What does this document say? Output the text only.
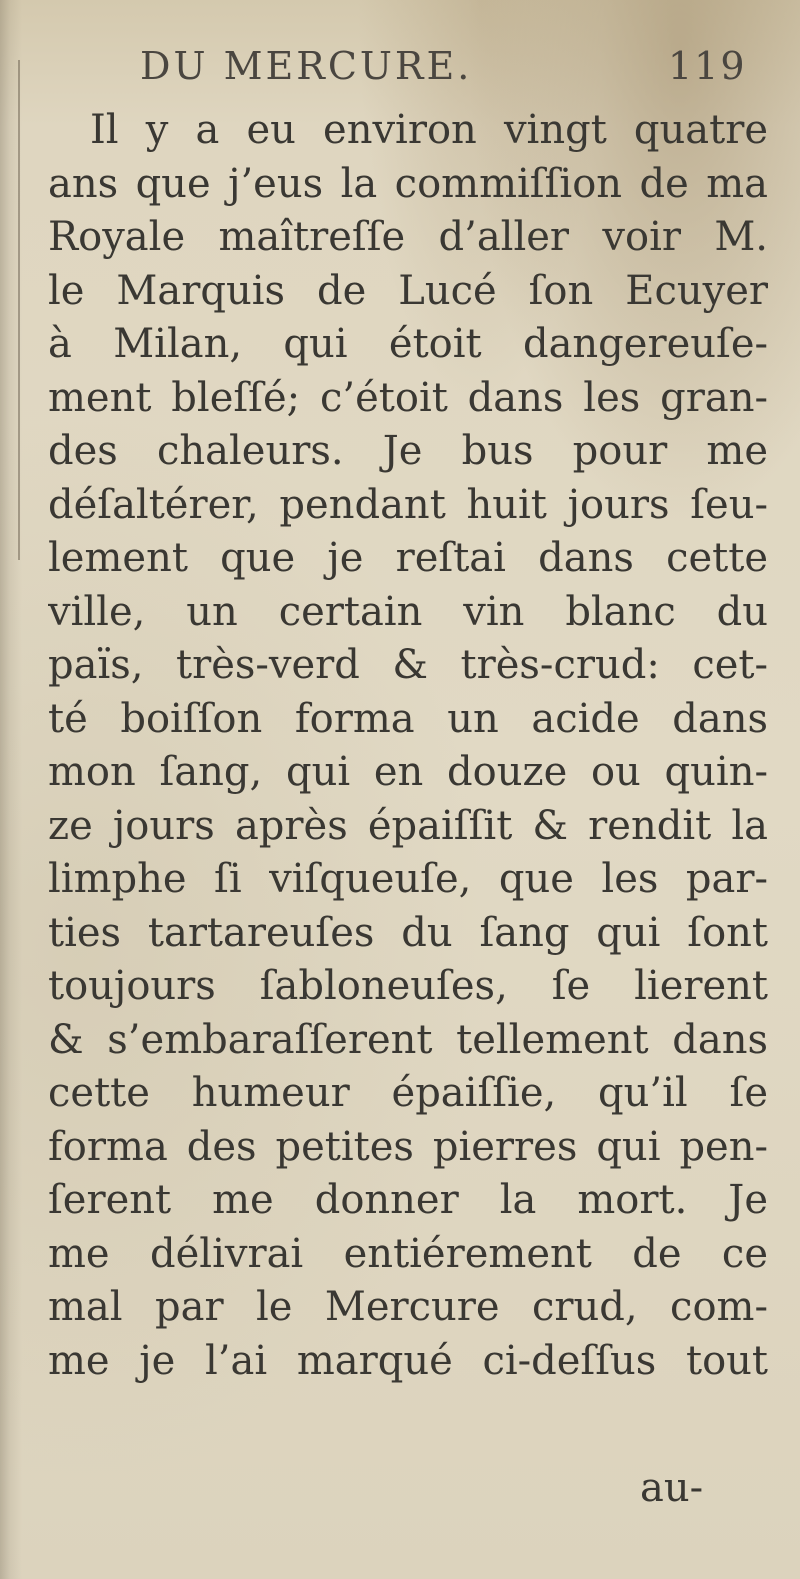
DU MERCURE.	119
Il y a eu environ vingt quatre
ans que j’eus la commiſſion de ma
Royale maîtreſſe d’aller voir M.
le Marquis de Lucé ſon Ecuyer
à Milan, qui étoit dangereuſe-
ment bleſſé; c’étoit dans les gran-
des chaleurs. Je bus pour me
déſaltérer, pendant huit jours ſeu-
lement que je reſtai dans cette
ville, un certain vin blanc du
païs, très-verd & très-crud: cet-
té boiſſon forma un acide dans
mon ſang, qui en douze ou quin-
ze jours après épaiſſit & rendit la
limphe ſi viſqueuſe, que les par-
ties tartareuſes du ſang qui ſont
toujours ſabloneuſes, ſe lierent
& s’embaraſſerent tellement dans
cette humeur épaiſſie, qu’il ſe
forma des petites pierres qui pen-
ſerent me donner la mort. Je
me délivrai entiérement de ce
mal par le Mercure crud, com-
me je l’ai marqué ci-deſſus tout
au-
